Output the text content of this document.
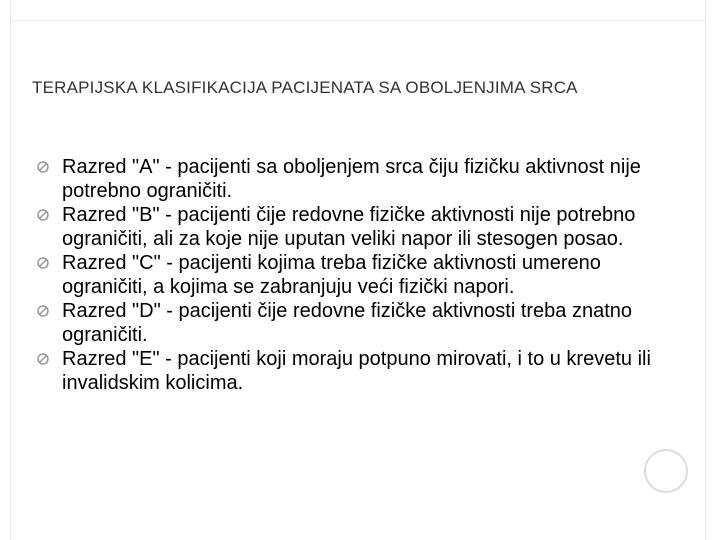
TERAPIJSKA KLASIFIKACIJA PACIJENATA SA OBOLJENJIMA SRCA
Razred "A" - pacijenti sa oboljenjem srca čiju fizičku aktivnost nije potrebno ograničiti.
Razred "B" - pacijenti čije redovne fizičke aktivnosti nije potrebno ograničiti, ali za koje nije uputan veliki napor ili stesogen posao.
Razred "C" - pacijenti kojima treba fizičke aktivnosti umereno ograničiti, a kojima se zabranjuju veći fizički napori.
Razred "D" - pacijenti čije redovne fizičke aktivnosti treba znatno ograničiti.
Razred "E" - pacijenti koji moraju potpuno mirovati, i to u krevetu ili invalidskim kolicima.
